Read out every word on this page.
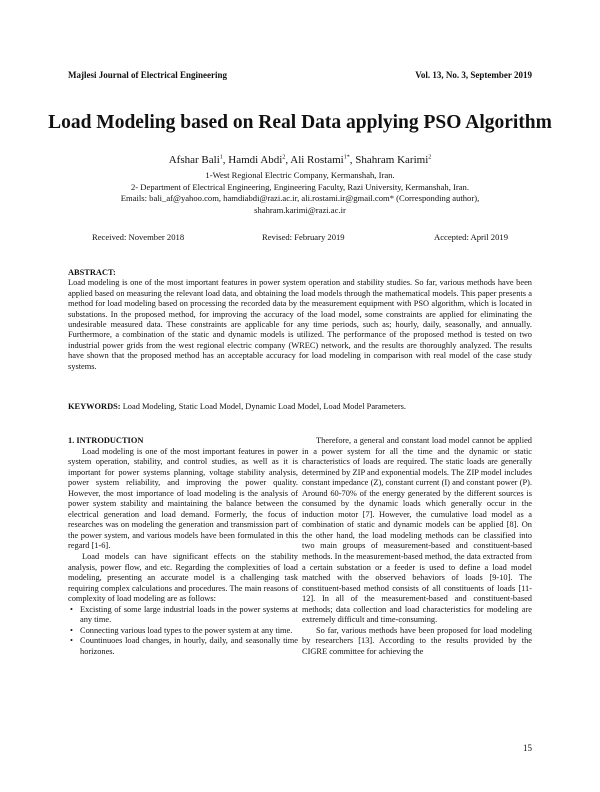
Majlesi Journal of Electrical Engineering	Vol. 13, No. 3, September 2019
Load Modeling based on Real Data applying PSO Algorithm
Afshar Bali$^1$, Hamdi Abdi$^2$, Ali Rostami$^{1*}$, Shahram Karimi$^2$
1-West Regional Electric Company, Kermanshah, Iran.
2- Department of Electrical Engineering, Engineering Faculty, Razi University, Kermanshah, Iran.
Emails: bali_af@yahoo.com, hamdiabdi@razi.ac.ir, ali.rostami.ir@gmail.com* (Corresponding author),
shahram.karimi@razi.ac.ir
Received: November 2018	Revised: February 2019	Accepted: April 2019
ABSTRACT:
Load modeling is one of the most important features in power system operation and stability studies. So far, various methods have been applied based on measuring the relevant load data, and obtaining the load models through the mathematical models. This paper presents a method for load modeling based on processing the recorded data by the measurement equipment with PSO algorithm, which is located in substations. In the proposed method, for improving the accuracy of the load model, some constraints are applied for eliminating the undesirable measured data. These constraints are applicable for any time periods, such as; hourly, daily, seasonally, and annually. Furthermore, a combination of the static and dynamic models is utilized. The performance of the proposed method is tested on two industrial power grids from the west regional electric company (WREC) network, and the results are thoroughly analyzed. The results have shown that the proposed method has an acceptable accuracy for load modeling in comparison with real model of the case study systems.
KEYWORDS: Load Modeling, Static Load Model, Dynamic Load Model, Load Model Parameters.

1. INTRODUCTION

Load modeling is one of the most important features in power system operation, stability, and control studies, as well as it is important for power systems planning, voltage stability analysis, power system reliability, and improving the power quality. However, the most importance of load modeling is the analysis of power system stability and maintaining the balance between the electrical generation and load demand. Formerly, the focus of researches was on modeling the generation and transmission part of the power system, and various models have been formulated in this regard [1-6].

Load models can have significant effects on the stability analysis, power flow, and etc. Regarding the complexities of load modeling, presenting an accurate model is a challenging task requiring complex calculations and procedures. The main reasons of complexity of load modeling are as follows:

• Excisting of some large industrial loads in the power systems at any time.
• Connecting various load types to the power system at any time.
• Countinuoes load changes, in hourly, daily, and seasonally time horizones.

Therefore, a general and constant load model cannot be applied in a power system for all the time and the dynamic or static characteristics of loads are required. The static loads are generally determined by ZIP and exponential models. The ZIP model includes constant impedance (Z), constant current (I) and constant power (P). Around 60-70% of the energy generated by the different sources is consumed by the dynamic loads which generally occur in the induction motor [7]. However, the cumulative load model as a combination of static and dynamic models can be applied [8]. On the other hand, the load modeling methods can be classified into two main groups of measurement-based and constituent-based methods. In the measurement-based method, the data extracted from a certain substation or a feeder is used to define a load model matched with the observed behaviors of loads [9-10]. The constituent-based method consists of all constituents of loads [11-12]. In all of the measurement-based and constituent-based methods; data collection and load characteristics for modeling are extremely difficult and time-consuming.

So far, various methods have been proposed for load modeling by researchers [13]. According to the results provided by the CIGRE committee for achieving the

15
